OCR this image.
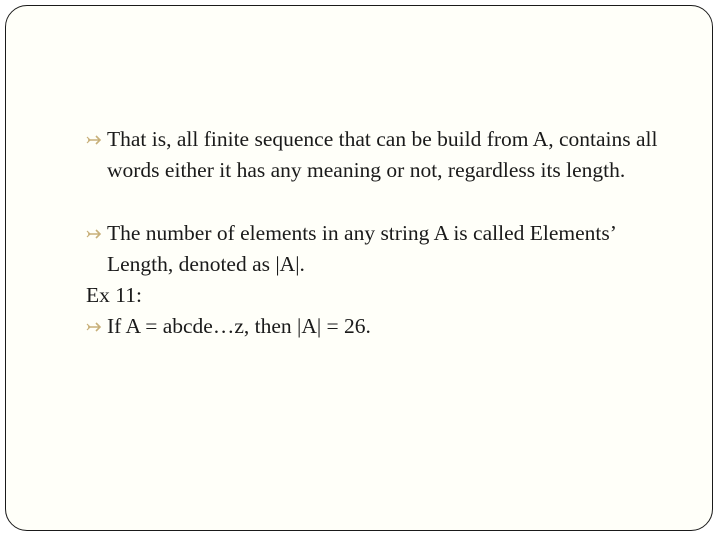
That is, all finite sequence that can be build from A, contains all words either it has any meaning or not, regardless its length.
The number of elements in any string A is called Elements’ Length, denoted as |A|.
Ex 11:
If A = abcde…z, then |A| = 26.
